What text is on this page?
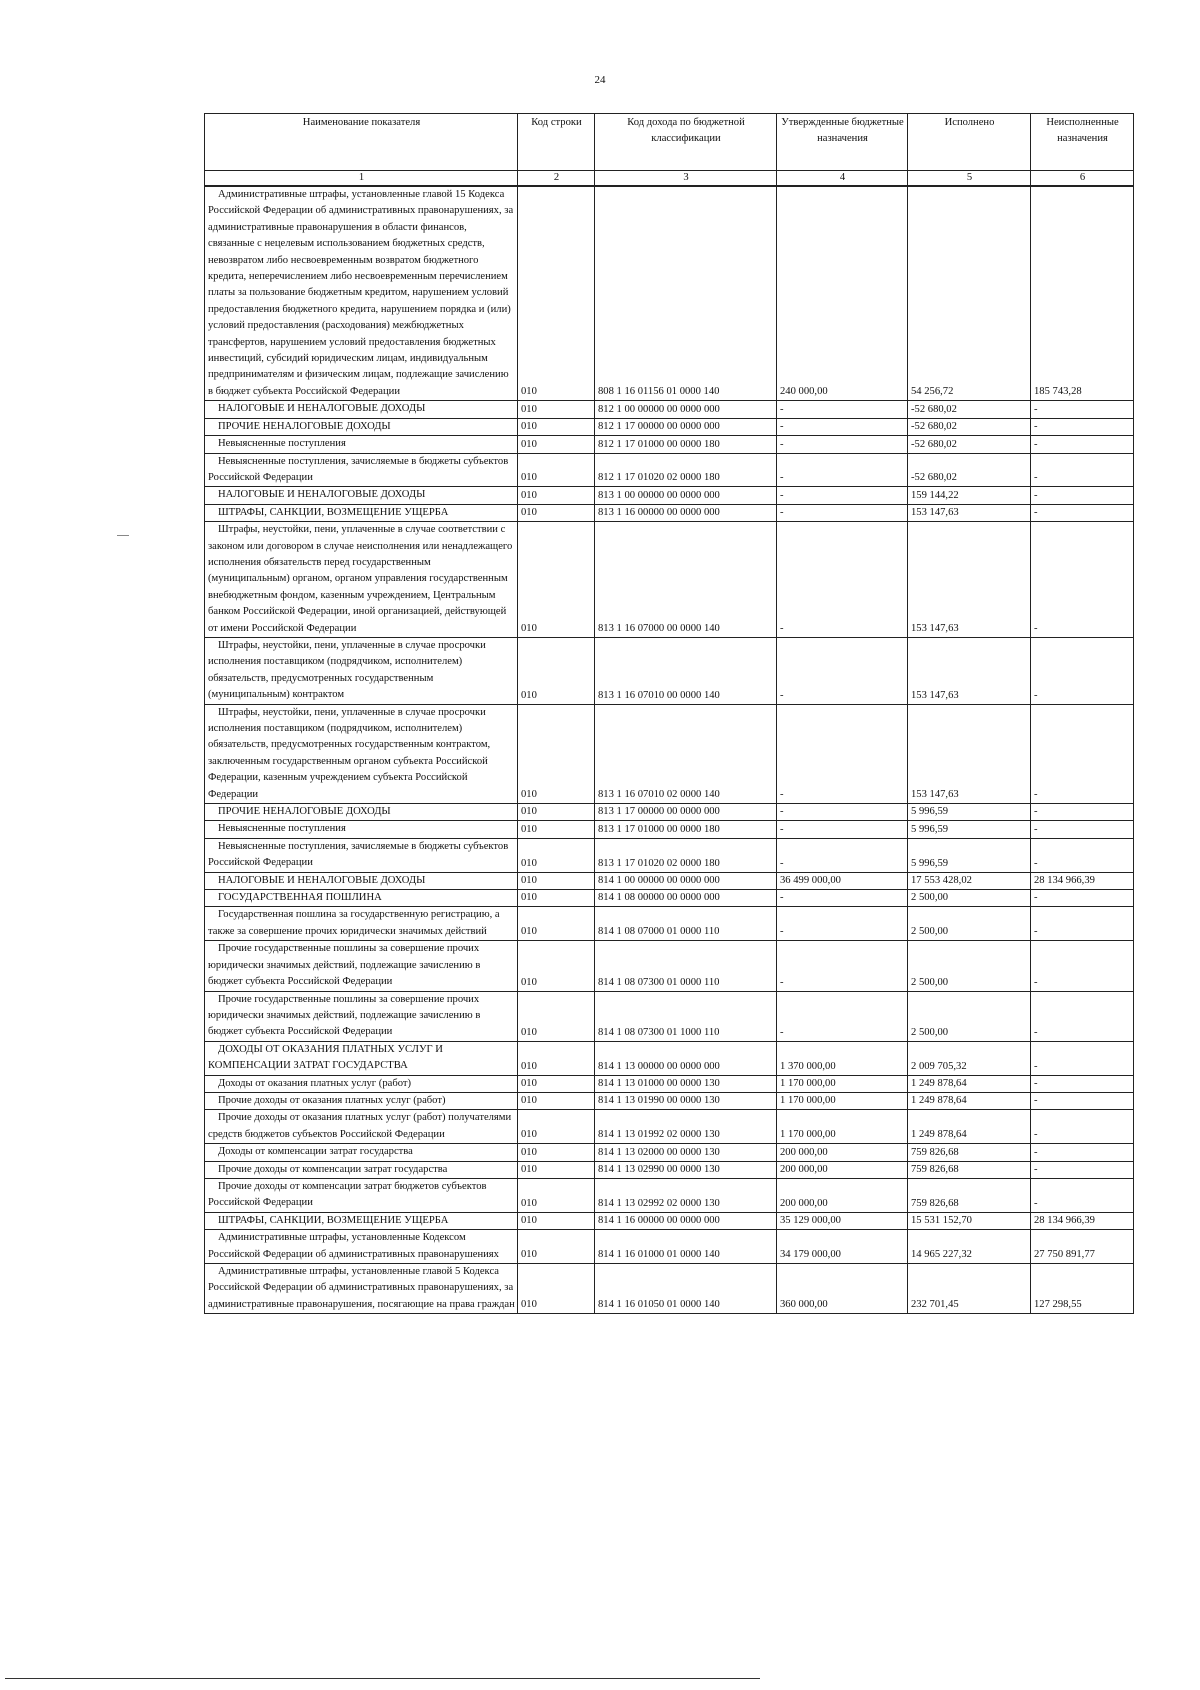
24
Наименование показателя	Код строки	Код дохода по бюджетной классификации	Утвержденные бюджетные назначения	Исполнено	Неисполненные назначения
1	2	3	4	5	6
Административные штрафы, установленные главой 15 Кодекса Российской Федерации об административных правонарушениях, за административные правонарушения в области финансов, связанные с нецелевым использованием бюджетных средств, невозвратом либо несвоевременным возвратом бюджетного кредита, неперечислением либо несвоевременным перечислением платы за пользование бюджетным кредитом, нарушением условий предоставления бюджетного кредита, нарушением порядка и (или) условий предоставления (расходования) межбюджетных трансфертов, нарушением условий предоставления бюджетных инвестиций, субсидий юридическим лицам, индивидуальным предпринимателям и физическим лицам, подлежащие зачислению в бюджет субъекта Российской Федерации	010	808 1 16 01156 01 0000 140	240 000,00	54 256,72	185 743,28
НАЛОГОВЫЕ И НЕНАЛОГОВЫЕ ДОХОДЫ	010	812 1 00 00000 00 0000 000	-	-52 680,02	-
ПРОЧИЕ НЕНАЛОГОВЫЕ ДОХОДЫ	010	812 1 17 00000 00 0000 000	-	-52 680,02	-
Невыясненные поступления	010	812 1 17 01000 00 0000 180	-	-52 680,02	-
Невыясненные поступления, зачисляемые в бюджеты субъектов Российской Федерации	010	812 1 17 01020 02 0000 180	-	-52 680,02	-
НАЛОГОВЫЕ И НЕНАЛОГОВЫЕ ДОХОДЫ	010	813 1 00 00000 00 0000 000	-	159 144,22	-
ШТРАФЫ, САНКЦИИ, ВОЗМЕЩЕНИЕ УЩЕРБА	010	813 1 16 00000 00 0000 000	-	153 147,63	-
Штрафы, неустойки, пени, уплаченные в случае соответствии с законом или договором в случае неисполнения или ненадлежащего исполнения обязательств перед государственным (муниципальным) органом, органом управления государственным внебюджетным фондом, казенным учреждением, Центральным банком Российской Федерации, иной организацией, действующей от имени Российской Федерации	010	813 1 16 07000 00 0000 140	-	153 147,63	-
Штрафы, неустойки, пени, уплаченные в случае просрочки исполнения поставщиком (подрядчиком, исполнителем) обязательств, предусмотренных государственным (муниципальным) контрактом	010	813 1 16 07010 00 0000 140	-	153 147,63	-
Штрафы, неустойки, пени, уплаченные в случае просрочки исполнения поставщиком (подрядчиком, исполнителем) обязательств, предусмотренных государственным контрактом, заключенным государственным органом субъекта Российской Федерации, казенным учреждением субъекта Российской Федерации	010	813 1 16 07010 02 0000 140	-	153 147,63	-
ПРОЧИЕ НЕНАЛОГОВЫЕ ДОХОДЫ	010	813 1 17 00000 00 0000 000	-	5 996,59	-
Невыясненные поступления	010	813 1 17 01000 00 0000 180	-	5 996,59	-
Невыясненные поступления, зачисляемые в бюджеты субъектов Российской Федерации	010	813 1 17 01020 02 0000 180	-	5 996,59	-
НАЛОГОВЫЕ И НЕНАЛОГОВЫЕ ДОХОДЫ	010	814 1 00 00000 00 0000 000	36 499 000,00	17 553 428,02	28 134 966,39
ГОСУДАРСТВЕННАЯ ПОШЛИНА	010	814 1 08 00000 00 0000 000	-	2 500,00	-
Государственная пошлина за государственную регистрацию, а также за совершение прочих юридически значимых действий	010	814 1 08 07000 01 0000 110	-	2 500,00	-
Прочие государственные пошлины за совершение прочих юридически значимых действий, подлежащие зачислению в бюджет субъекта Российской Федерации	010	814 1 08 07300 01 0000 110	-	2 500,00	-
Прочие государственные пошлины за совершение прочих юридически значимых действий, подлежащие зачислению в бюджет субъекта Российской Федерации	010	814 1 08 07300 01 1000 110	-	2 500,00	-
ДОХОДЫ ОТ ОКАЗАНИЯ ПЛАТНЫХ УСЛУГ И КОМПЕНСАЦИИ ЗАТРАТ ГОСУДАРСТВА	010	814 1 13 00000 00 0000 000	1 370 000,00	2 009 705,32	-
Доходы от оказания платных услуг (работ)	010	814 1 13 01000 00 0000 130	1 170 000,00	1 249 878,64	-
Прочие доходы от оказания платных услуг (работ)	010	814 1 13 01990 00 0000 130	1 170 000,00	1 249 878,64	-
Прочие доходы от оказания платных услуг (работ) получателями средств бюджетов субъектов Российской Федерации	010	814 1 13 01992 02 0000 130	1 170 000,00	1 249 878,64	-
Доходы от компенсации затрат государства	010	814 1 13 02000 00 0000 130	200 000,00	759 826,68	-
Прочие доходы от компенсации затрат государства	010	814 1 13 02990 00 0000 130	200 000,00	759 826,68	-
Прочие доходы от компенсации затрат бюджетов субъектов Российской Федерации	010	814 1 13 02992 02 0000 130	200 000,00	759 826,68	-
ШТРАФЫ, САНКЦИИ, ВОЗМЕЩЕНИЕ УЩЕРБА	010	814 1 16 00000 00 0000 000	35 129 000,00	15 531 152,70	28 134 966,39
Административные штрафы, установленные Кодексом Российской Федерации об административных правонарушениях	010	814 1 16 01000 01 0000 140	34 179 000,00	14 965 227,32	27 750 891,77
Административные штрафы, установленные главой 5 Кодекса Российской Федерации об административных правонарушениях, за административные правонарушения, посягающие на права граждан	010	814 1 16 01050 01 0000 140	360 000,00	232 701,45	127 298,55
